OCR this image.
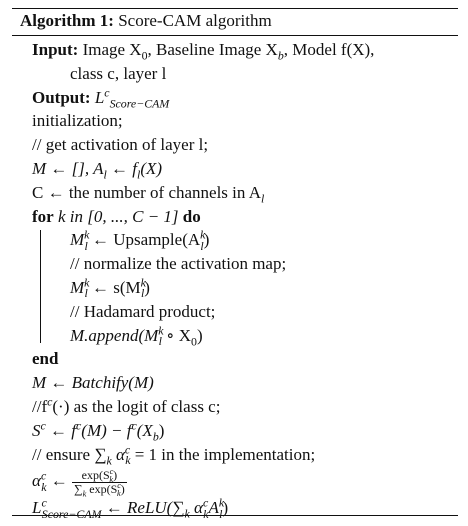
Algorithm 1: Score-CAM algorithm
Input: Image $X_0$, Baseline Image $X_b$, Model f(X),
class c, layer l
Output: $L^c_{Score-CAM}$
initialization;
// get activation of layer l;
M ← [], $A_l$ ← $f_l(X)$
C ← the number of channels in $A_l$
for k in [0, ..., C − 1] do
$M^k_l$ ← $Upsample(A^k_l)$
// normalize the activation map;
$M^k_l$ ← $s(M^k_l)$
// Hadamard product;
$M.append(M^k_l$ ∘ $X_0$)
end
M ← Batchify(M)
$//f^c(\cdot)$ as the logit of class c;
$S^c$ ← $f^c(M) - f^c(X_b)$
// ensure $\sum_k$ $\alpha^c_k = 1$ in the implementation;
$\alpha^c_k$ ← $\frac{\exp(S^c_k)}{\sum_k \exp(S^c_k)}$
$L^c_{Score-CAM}$ ← $ReLU(\sum_k$ $\alpha^c_kA^k_l$)
